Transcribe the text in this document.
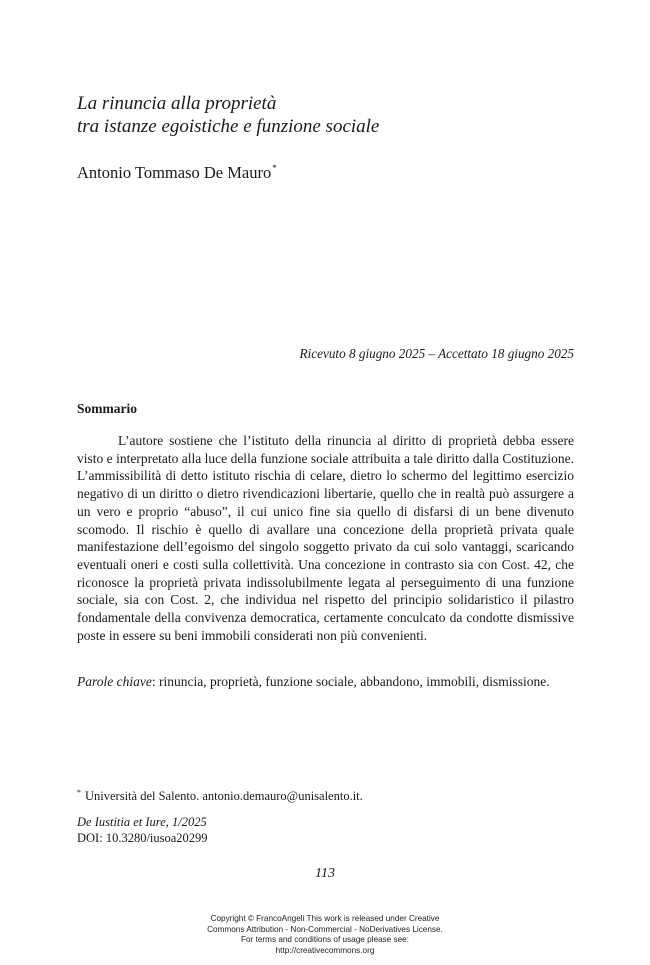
La rinuncia alla proprietà
tra istanze egoistiche e funzione sociale
Antonio Tommaso De Mauro*
Ricevuto 8 giugno 2025 – Accettato 18 giugno 2025
Sommario

L’autore sostiene che l’istituto della rinuncia al diritto di proprietà debba essere visto e interpretato alla luce della funzione sociale attribuita a tale diritto dalla Costituzione. L’ammissibilità di detto istituto rischia di celare, dietro lo schermo del legittimo esercizio negativo di un diritto o dietro rivendicazioni libertarie, quello che in realtà può assurgere a un vero e proprio “abuso”, il cui unico fine sia quello di disfarsi di un bene divenuto scomodo. Il rischio è quello di avallare una concezione della proprietà privata quale manifestazione dell’egoismo del singolo soggetto privato da cui solo vantaggi, scaricando eventuali oneri e costi sulla collettività. Una concezione in contrasto sia con Cost. 42, che riconosce la proprietà privata indissolubilmente legata al perseguimento di una funzione sociale, sia con Cost. 2, che individua nel rispetto del principio solidaristico il pilastro fondamentale della convivenza democratica, certamente conculcato da condotte dismissive poste in essere su beni immobili considerati non più convenienti.

Parole chiave: rinuncia, proprietà, funzione sociale, abbandono, immobili, dismissione.

* Università del Salento. antonio.demauro@unisalento.it.
De Iustitia et Iure, 1/2025
DOI: 10.3280/iusoa20299
113
Copyright © FrancoAngeli This work is released under Creative
Commons Attribution - Non-Commercial - NoDerivatives License.
For terms and conditions of usage please see:
http://creativecommons.org
